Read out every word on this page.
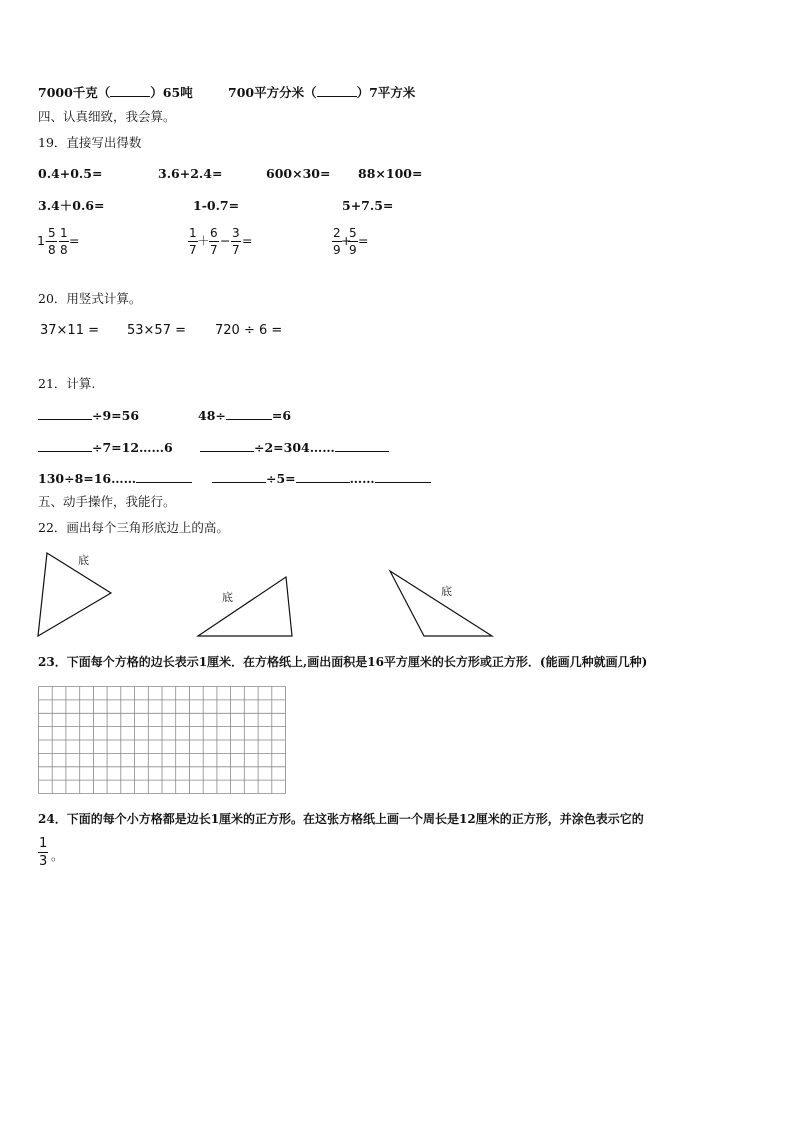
7000千克（	）65吨	700平方分米（	）7平方米
四、认真细致，我会算。
19．直接写出得数
0.4+0.5=	3.6+2.4=	600×30= 88×100=
3.4＋0.6=	1-0.7=	5+7.5=
1-
5
8
1
8
=	1
7
＋ 6
7
− 3
7
=	2
9
+
5
9
=
20．用竖式计算。
37×11 = 53×57 = 720 ÷ 6 =
21．计算.
÷9=56	48÷	=6
÷7=12……6	÷2=304……
130÷8=16……	÷5=	……
五、动手操作，我能行。
22．画出每个三角形底边上的高。
底
底	底
23．下面每个方格的边长表示1厘米．在方格纸上,画出面积是16平方厘米的长方形或正方形．(能画几种就画几种)
24．下面的每个小方格都是边长1厘米的正方形。在这张方格纸上画一个周长是12厘米的正方形，并涂色表示它的
1
3 。
